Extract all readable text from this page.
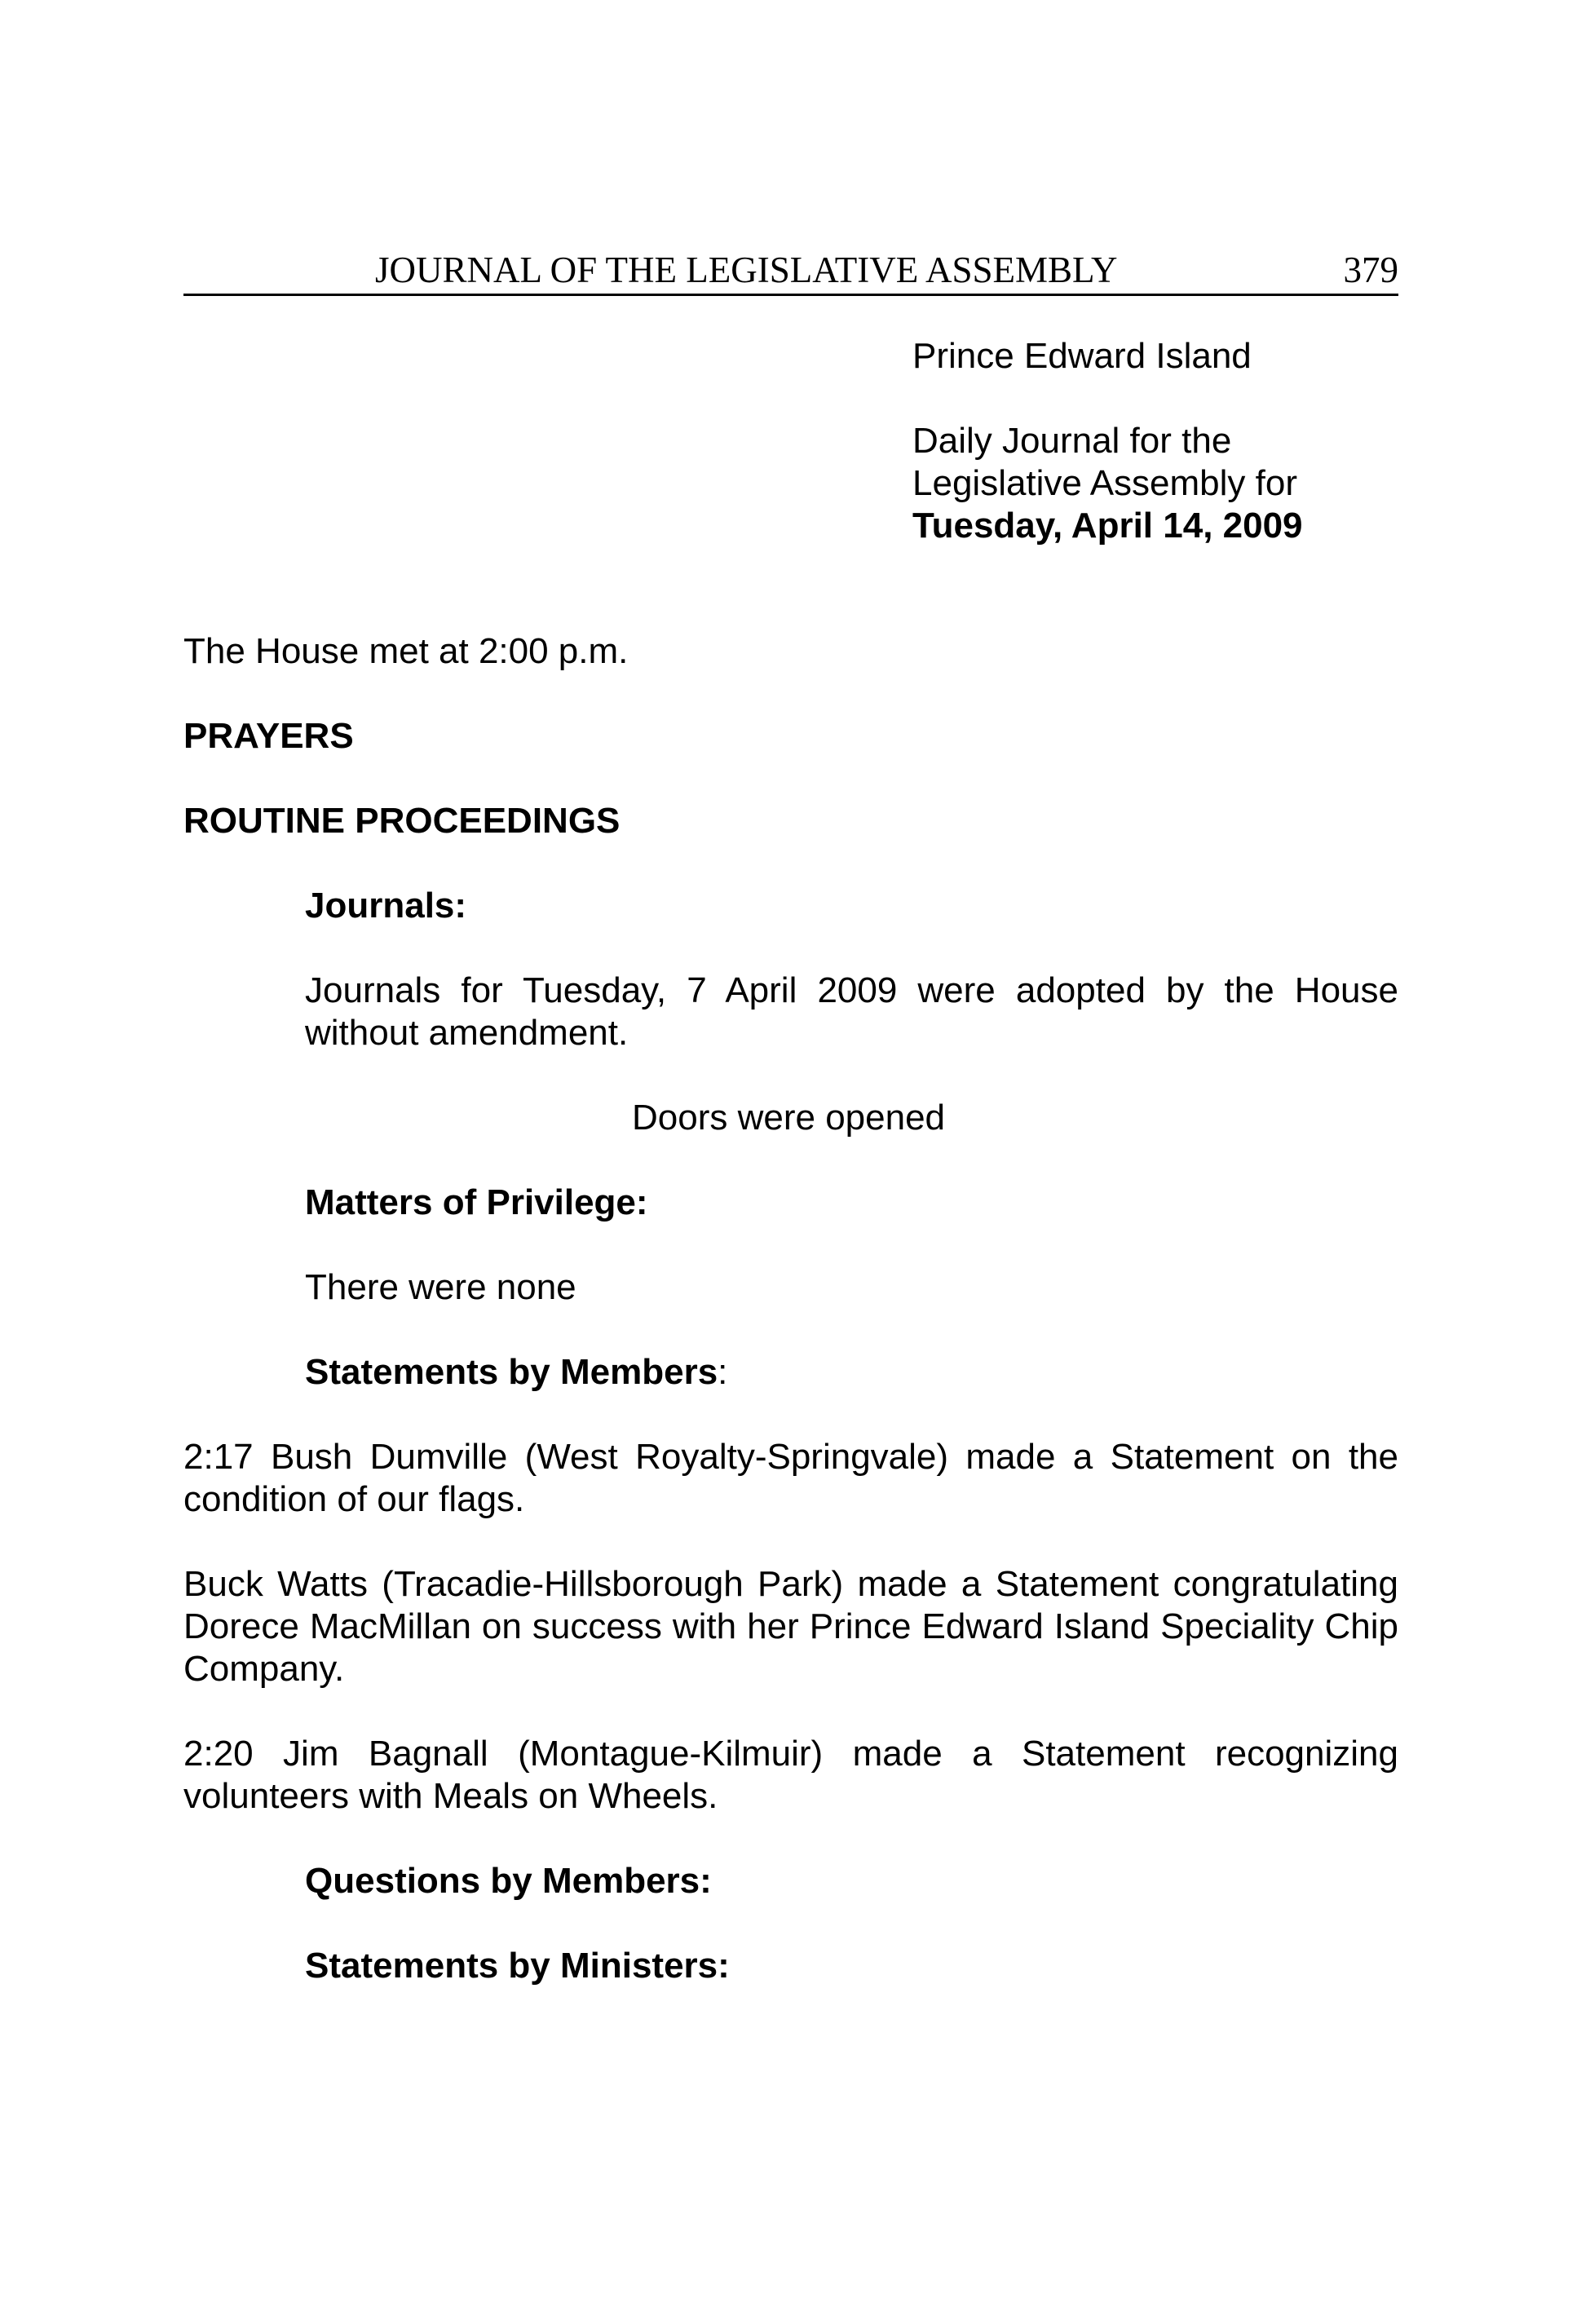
JOURNAL OF THE LEGISLATIVE ASSEMBLY	379
Prince Edward Island
Daily Journal for the
Legislative Assembly for
Tuesday, April 14, 2009
The House met at 2:00 p.m.
PRAYERS
ROUTINE PROCEEDINGS
Journals:
Journals for Tuesday, 7 April 2009 were adopted by the House without amendment.
Doors were opened
Matters of Privilege:
There were none
Statements by Members:
2:17 Bush Dumville (West Royalty-Springvale) made a Statement on the condition of our flags.
Buck Watts (Tracadie-Hillsborough Park) made a Statement congratulating Dorece MacMillan on success with her Prince Edward Island Speciality Chip Company.
2:20 Jim Bagnall (Montague-Kilmuir) made a Statement recognizing volunteers with Meals on Wheels.
Questions by Members:
Statements by Ministers:
